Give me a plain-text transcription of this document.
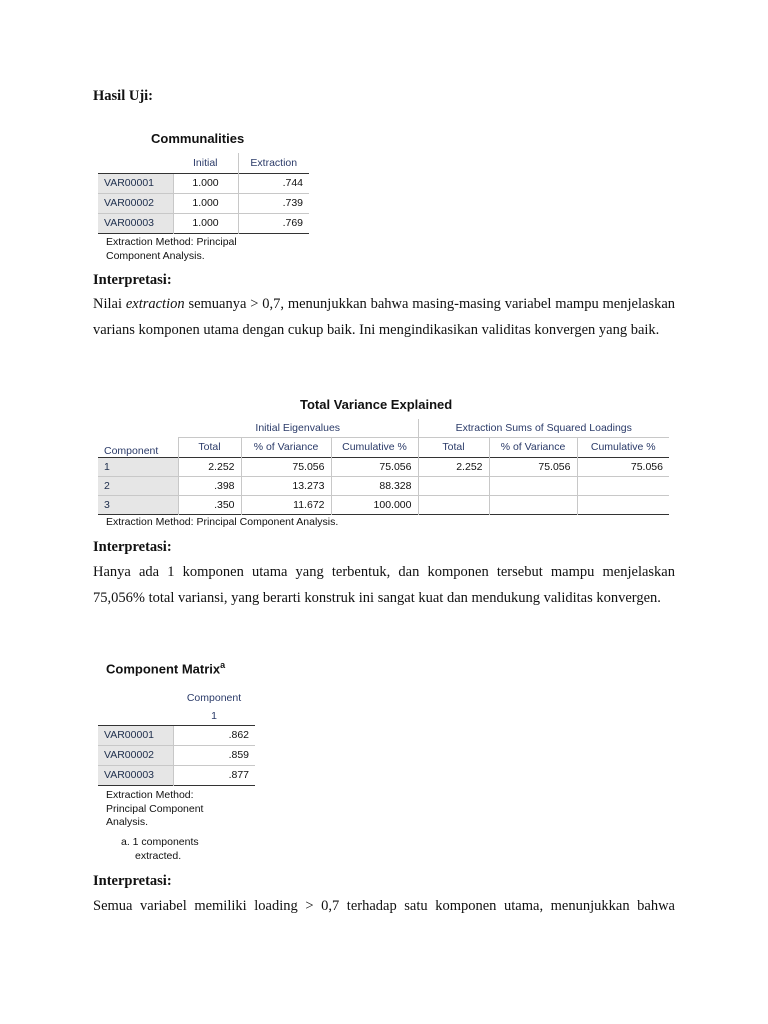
Hasil Uji:
Communalities
	Initial	Extraction
VAR00001	1.000	.744
VAR00002	1.000	.739
VAR00003	1.000	.769
Extraction Method: Principal
Component Analysis.
Interpretasi:
Nilai extraction semuanya > 0,7, menunjukkan bahwa masing-masing variabel mampu menjelaskan varians komponen utama dengan cukup baik. Ini mengindikasikan validitas konvergen yang baik.
Total Variance Explained
	Initial Eigenvalues			Extraction Sums of Squared Loadings		
Component	Total	% of Variance	Cumulative %	Total	% of Variance	Cumulative %
1	2.252	75.056	75.056	2.252	75.056	75.056
2	.398	13.273	88.328			
3	.350	11.672	100.000			
Extraction Method: Principal Component Analysis.
Interpretasi:
Hanya ada 1 komponen utama yang terbentuk, dan komponen tersebut mampu menjelaskan 75,056% total variansi, yang berarti konstruk ini sangat kuat dan mendukung validitas konvergen.
Component Matrix$^a$
	Component
	1
VAR00001	.862
VAR00002	.859
VAR00003	.877
Extraction Method:
Principal Component
Analysis.
a. 1 components
extracted.
Interpretasi:
Semua variabel memiliki loading > 0,7 terhadap satu komponen utama, menunjukkan bahwa
